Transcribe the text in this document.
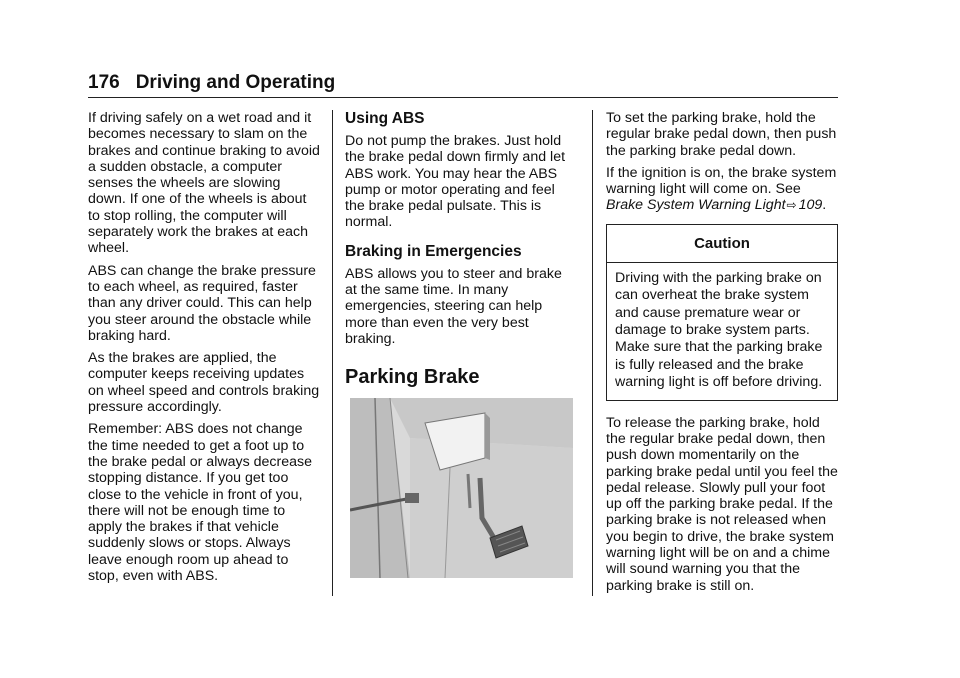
176 Driving and Operating

If driving safely on a wet road and it becomes necessary to slam on the brakes and continue braking to avoid a sudden obstacle, a computer senses the wheels are slowing down. If one of the wheels is about to stop rolling, the computer will separately work the brakes at each wheel.

ABS can change the brake pressure to each wheel, as required, faster than any driver could. This can help you steer around the obstacle while braking hard.

As the brakes are applied, the computer keeps receiving updates on wheel speed and controls braking pressure accordingly.

Remember: ABS does not change the time needed to get a foot up to the brake pedal or always decrease stopping distance. If you get too close to the vehicle in front of you, there will not be enough time to apply the brakes if that vehicle suddenly slows or stops. Always leave enough room up ahead to stop, even with ABS.

Using ABS

Do not pump the brakes. Just hold the brake pedal down firmly and let ABS work. You may hear the ABS pump or motor operating and feel the brake pedal pulsate. This is normal.

Braking in Emergencies

ABS allows you to steer and brake at the same time. In many emergencies, steering can help more than even the very best braking.

Parking Brake

To set the parking brake, hold the regular brake pedal down, then push the parking brake pedal down.

If the ignition is on, the brake system warning light will come on. See Brake System Warning Light⇨ 109.

Caution
Driving with the parking brake on can overheat the brake system and cause premature wear or damage to brake system parts. Make sure that the parking brake is fully released and the brake warning light is off before driving.

To release the parking brake, hold the regular brake pedal down, then push down momentarily on the parking brake pedal until you feel the pedal release. Slowly pull your foot up off the parking brake pedal. If the parking brake is not released when you begin to drive, the brake system warning light will be on and a chime will sound warning you that the parking brake is still on.
